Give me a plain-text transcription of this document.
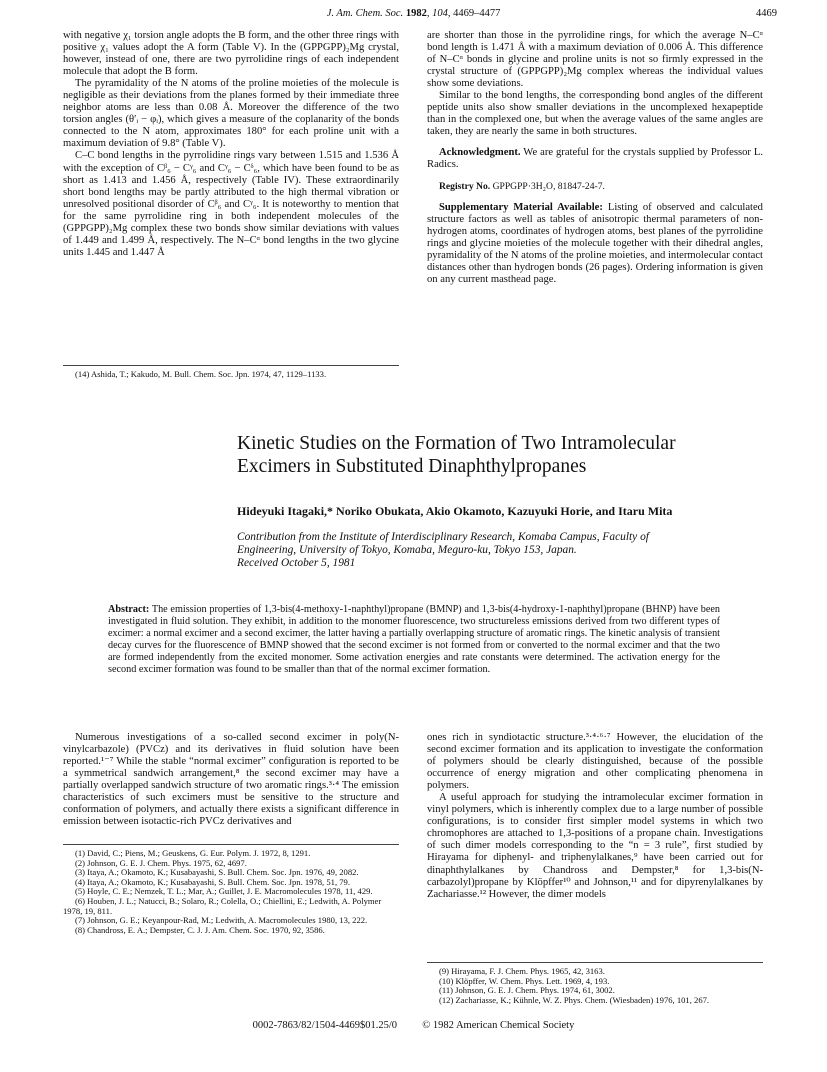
J. Am. Chem. Soc. 1982, 104, 4469–4477	4469

with negative χ₁ torsion angle adopts the B form, and the other three rings with positive χ₁ values adopt the A form (Table V). In the (GPPGPP)₂Mg crystal, however, instead of one, there are two pyrrolidine rings of each independent molecule that adopt the B form.

The pyramidality of the N atoms of the proline moieties of the molecule is negligible as their deviations from the planes formed by their immediate three neighbor atoms are less than 0.08 Å. Moreover the difference of the two torsion angles (θ′ᵢ − φᵢ), which gives a measure of the coplanarity of the bonds connected to the N atom, approximates 180° for each proline unit with a maximum deviation of 9.8° (Table V).

C–C bond lengths in the pyrrolidine rings vary between 1.515 and 1.536 Å with the exception of Cᵝ₆ − Cᵞ₆ and Cᵞ₆ − Cᵟ₆, which have been found to be as short as 1.413 and 1.456 Å, respectively (Table IV). These extraordinarily short bond lengths may be partly attributed to the high thermal vibration or unresolved positional disorder of Cᵝ₆ and Cᵞ₆. It is noteworthy to mention that for the same pyrrolidine ring in both independent molecules of the (GPPGPP)₂Mg complex these two bonds show similar deviations with values of 1.449 and 1.499 Å, respectively. The N–Cᵅ bond lengths in the two glycine units 1.445 and 1.447 Å

(14) Ashida, T.; Kakudo, M. Bull. Chem. Soc. Jpn. 1974, 47, 1129–1133.

are shorter than those in the pyrrolidine rings, for which the average N–Cᵅ bond length is 1.471 Å with a maximum deviation of 0.006 Å. This difference of N–Cᵅ bonds in glycine and proline units is not so firmly expressed in the crystal structure of (GPPGPP)₂Mg complex whereas the individual values show some deviations.

Similar to the bond lengths, the corresponding bond angles of the different peptide units also show smaller deviations in the uncomplexed hexapeptide than in the complexed one, but when the average values of the same angles are taken, they are nearly the same in both structures.

Acknowledgment. We are grateful for the crystals supplied by Professor L. Radics.

Registry No. GPPGPP·3H₂O, 81847-24-7.

Supplementary Material Available: Listing of observed and calculated structure factors as well as tables of anisotropic thermal parameters of non-hydrogen atoms, coordinates of hydrogen atoms, best planes of the pyrrolidine rings and glycine moieties of the molecule together with their dihedral angles, pyramidality of the N atoms of the proline moieties, and intermolecular contact distances other than hydrogen bonds (26 pages). Ordering information is given on any current masthead page.

Kinetic Studies on the Formation of Two Intramolecular
Excimers in Substituted Dinaphthylpropanes
Hideyuki Itagaki,* Noriko Obukata, Akio Okamoto, Kazuyuki Horie, and Itaru Mita
Contribution from the Institute of Interdisciplinary Research, Komaba Campus, Faculty of
Engineering, University of Tokyo, Komaba, Meguro-ku, Tokyo 153, Japan.
Received October 5, 1981
Abstract: The emission properties of 1,3-bis(4-methoxy-1-naphthyl)propane (BMNP) and 1,3-bis(4-hydroxy-1-naphthyl)propane (BHNP) have been investigated in fluid solution. They exhibit, in addition to the monomer fluorescence, two structureless emissions derived from two different types of excimer: a normal excimer and a second excimer, the latter having a partially overlapping structure of aromatic rings. The kinetic analysis of transient decay curves for the fluorescence of BMNP showed that the second excimer is not formed from or converted to the normal excimer and that the two are formed independently from the excited monomer. Some activation energies and rate constants were determined. The activation energy for the second excimer formation was found to be smaller than that of the normal excimer formation.

Numerous investigations of a so-called second excimer in poly(N-vinylcarbazole) (PVCz) and its derivatives in fluid solution have been reported.¹⁻⁷ While the stable “normal excimer” configuration is reported to be a symmetrical sandwich arrangement,⁸ the second excimer may have a partially overlapped sandwich structure of two aromatic rings.³·⁴ The emission characteristics of such excimers must be sensitive to the structure and conformation of polymers, and actually there exists a significant difference in emission between isotactic-rich PVCz derivatives and

(1) David, C.; Piens, M.; Geuskens, G. Eur. Polym. J. 1972, 8, 1291.

(2) Johnson, G. E. J. Chem. Phys. 1975, 62, 4697.

(3) Itaya, A.; Okamoto, K.; Kusabayashi, S. Bull. Chem. Soc. Jpn. 1976, 49, 2082.

(4) Itaya, A.; Okamoto, K.; Kusabayashi, S. Bull. Chem. Soc. Jpn. 1978, 51, 79.

(5) Hoyle, C. E.; Nemzek, T. L.; Mar, A.; Guillet, J. E. Macromolecules 1978, 11, 429.

(6) Houben, J. L.; Natucci, B.; Solaro, R.; Colella, O.; Chiellini, E.; Ledwith, A. Polymer 1978, 19, 811.

(7) Johnson, G. E.; Keyanpour-Rad, M.; Ledwith, A. Macromolecules 1980, 13, 222.

(8) Chandross, E. A.; Dempster, C. J. J. Am. Chem. Soc. 1970, 92, 3586.

ones rich in syndiotactic structure.³·⁴·⁶·⁷ However, the elucidation of the second excimer formation and its application to investigate the conformation of polymers should be clearly distinguished, because of the possible occurrence of energy migration and other complicating phenomena in polymers.

A useful approach for studying the intramolecular excimer formation in vinyl polymers, which is inherently complex due to a large number of possible configurations, is to consider first simpler model systems in which two chromophores are attached to 1,3-positions of a propane chain. Investigations of such dimer models corresponding to the “n = 3 rule”, first studied by Hirayama for diphenyl- and triphenylalkanes,⁹ have been carried out for dinaphthylalkanes by Chandross and Dempster,⁸ for 1,3-bis(N-carbazolyl)propane by Klöpffer¹⁰ and Johnson,¹¹ and for dipyrenylalkanes by Zachariasse.¹² However, the dimer models

(9) Hirayama, F. J. Chem. Phys. 1965, 42, 3163.

(10) Klöpffer, W. Chem. Phys. Lett. 1969, 4, 193.

(11) Johnson, G. E. J. Chem. Phys. 1974, 61, 3002.

(12) Zachariasse, K.; Kühnle, W. Z. Phys. Chem. (Wiesbaden) 1976, 101, 267.

0002-7863/82/1504-4469$01.25/0 © 1982 American Chemical Society
